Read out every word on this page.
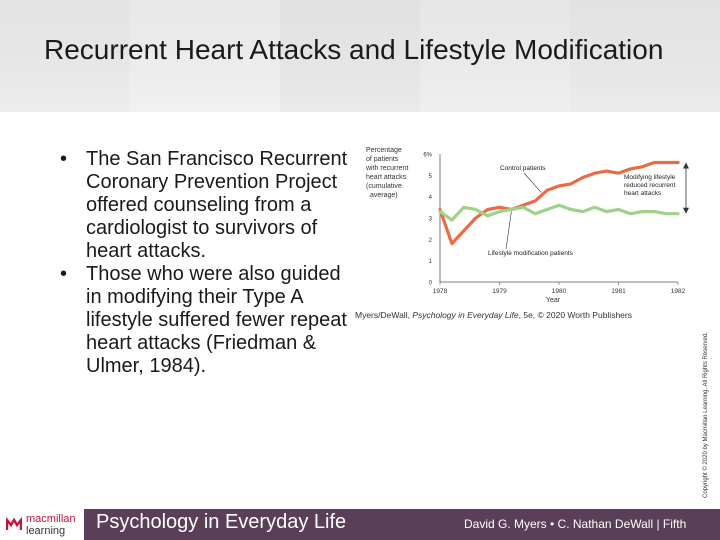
Recurrent Heart Attacks and Lifestyle Modification
• The San Francisco Recurrent Coronary Prevention Project offered counseling from a cardiologist to survivors of heart attacks.
• Those who were also guided in modifying their Type A lifestyle suffered fewer repeat heart attacks (Friedman & Ulmer, 1984).
Percentage
of patients
with recurrent
heart attacks
(cumulative
average)
0
1
2
3
4
5
6%
1978	1979	1980	1981	1982
Year
Control patients
Lifestyle modification patients
Modifying lifestyle
reduced recurrent
heart attacks
Myers/DeWall, Psychology in Everyday Life, 5e, © 2020 Worth Publishers
Copyright © 2020 by Macmillan Learning. All Rights Reserved.
macmillan
learning	Psychology in Everyday Life	David G. Myers • C. Nathan DeWall | Fifth
